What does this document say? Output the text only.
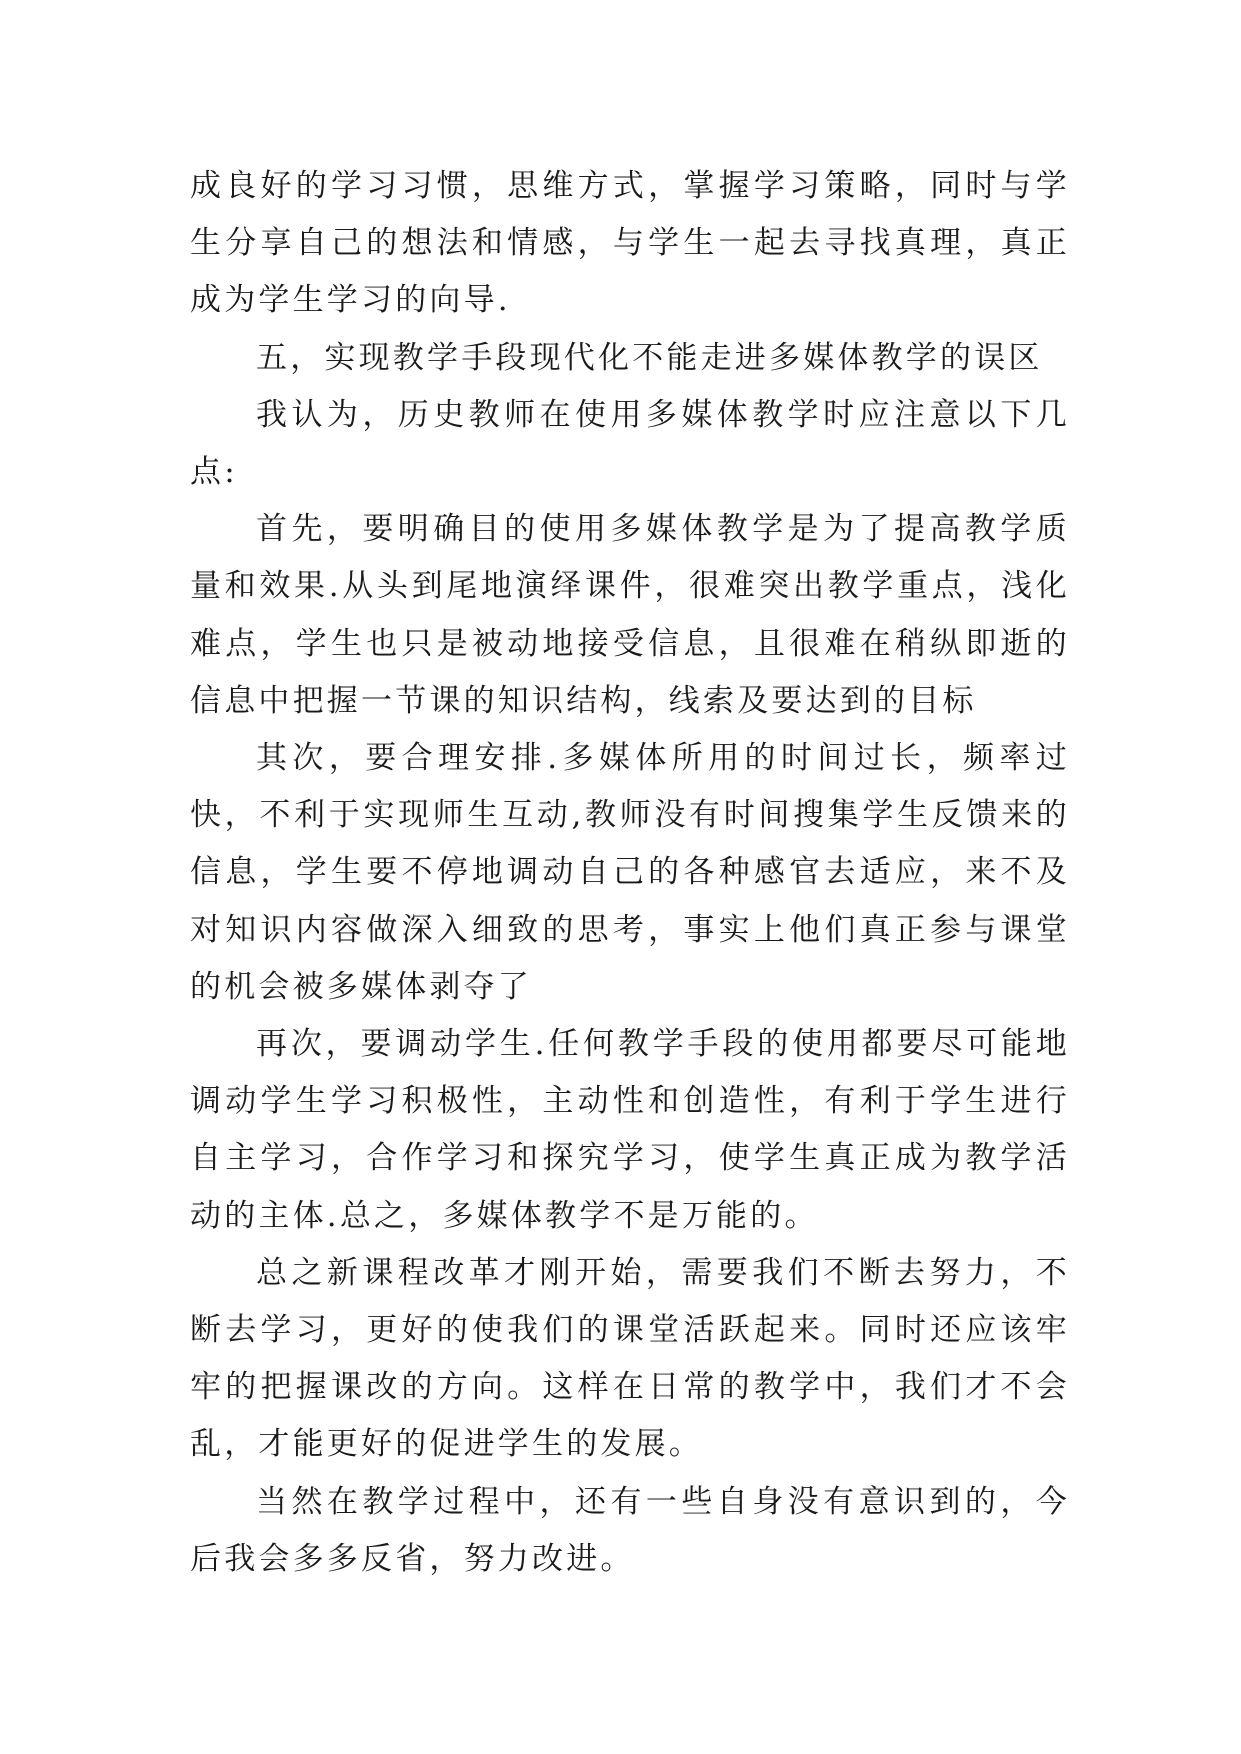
成良好的学习习惯，思维方式，掌握学习策略，同时与学生分享自己的想法和情感，与学生一起去寻找真理，真正成为学生学习的向导.

五，实现教学手段现代化不能走进多媒体教学的误区

我认为，历史教师在使用多媒体教学时应注意以下几点:

首先，要明确目的使用多媒体教学是为了提高教学质量和效果.从头到尾地演绎课件，很难突出教学重点，浅化难点，学生也只是被动地接受信息，且很难在稍纵即逝的信息中把握一节课的知识结构，线索及要达到的目标

其次，要合理安排.多媒体所用的时间过长，频率过快，不利于实现师生互动,教师没有时间搜集学生反馈来的信息，学生要不停地调动自己的各种感官去适应，来不及对知识内容做深入细致的思考，事实上他们真正参与课堂的机会被多媒体剥夺了

再次，要调动学生.任何教学手段的使用都要尽可能地调动学生学习积极性，主动性和创造性，有利于学生进行自主学习，合作学习和探究学习，使学生真正成为教学活动的主体.总之，多媒体教学不是万能的。

总之新课程改革才刚开始，需要我们不断去努力，不断去学习，更好的使我们的课堂活跃起来。同时还应该牢牢的把握课改的方向。这样在日常的教学中，我们才不会乱，才能更好的促进学生的发展。

当然在教学过程中，还有一些自身没有意识到的，今后我会多多反省，努力改进。
